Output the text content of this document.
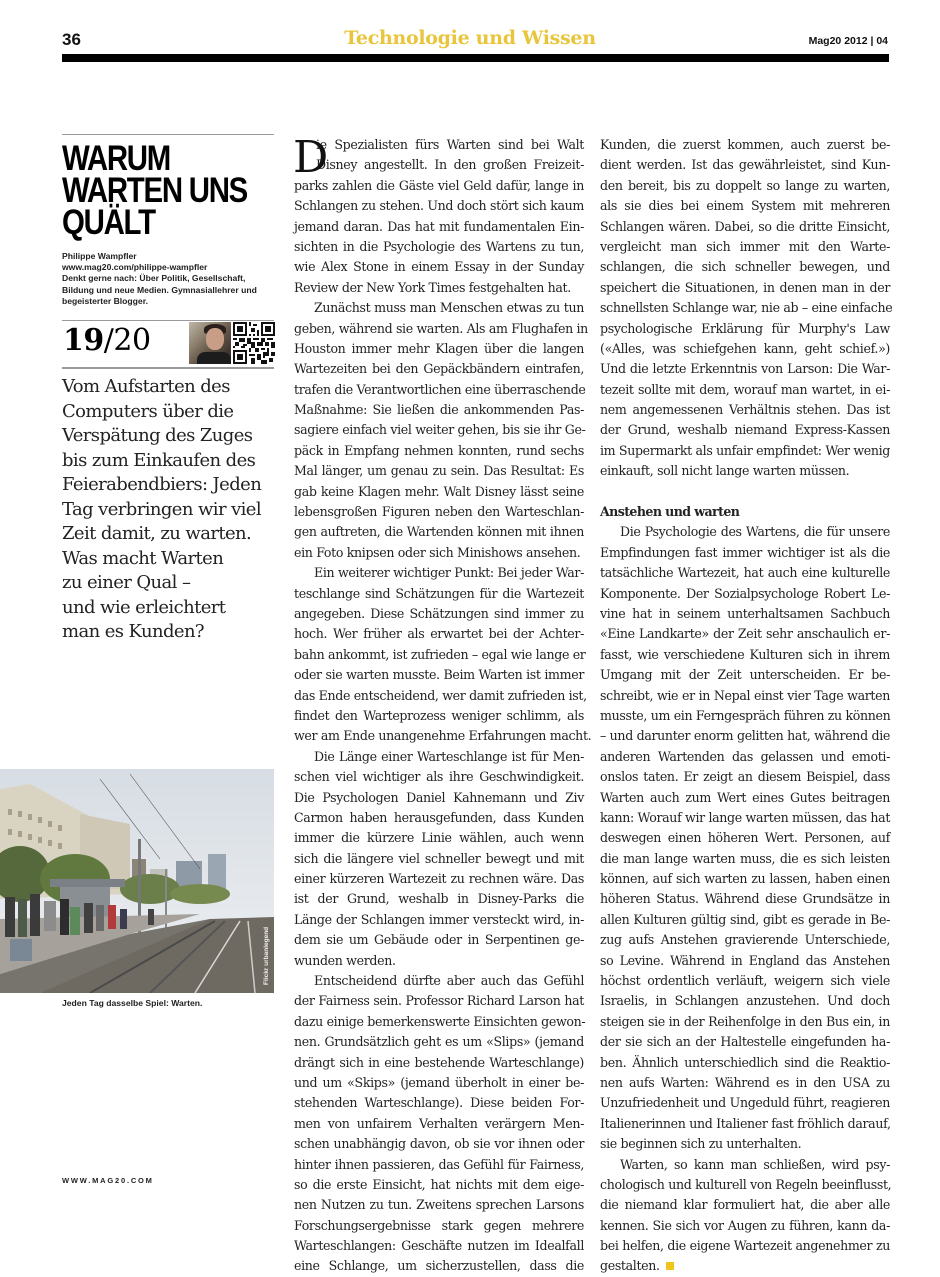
36	Technologie und Wissen	Mag20 2012 | 04
WARUM
WARTEN UNS
QUÄLT
Philippe Wampfler
www.mag20.com/philippe-wampfler
Denkt gerne nach: Über Politik, Gesellschaft,
Bildung und neue Medien. Gymnasiallehrer und
begeisterter Blogger.
19/20
Vom Aufstarten des
Computers über die
Verspätung des Zuges
bis zum Einkaufen des
Feierabendbiers: Jeden
Tag verbringen wir viel
Zeit damit, zu warten.
Was macht Warten
zu einer Qual –
und wie erleichtert
man es Kunden?
Flickr urbanlegend
Jeden Tag dasselbe Spiel: Warten.
WWW.MAG20.COM
D
ie Spezialisten fürs Warten sind bei Walt
Disney angestellt. In den großen Freizeit-
parks zahlen die Gäste viel Geld dafür, lange in
Schlangen zu stehen. Und doch stört sich kaum
jemand daran. Das hat mit fundamentalen Ein-
sichten in die Psychologie des Wartens zu tun,
wie Alex Stone in einem Essay in der Sunday
Review der New York Times festgehalten hat.
Zunächst muss man Menschen etwas zu tun
geben, während sie warten. Als am Flughafen in
Houston immer mehr Klagen über die langen
Wartezeiten bei den Gepäckbändern eintrafen,
trafen die Verantwortlichen eine überraschende
Maßnahme: Sie ließen die ankommenden Pas-
sagiere einfach viel weiter gehen, bis sie ihr Ge-
päck in Empfang nehmen konnten, rund sechs
Mal länger, um genau zu sein. Das Resultat: Es
gab keine Klagen mehr. Walt Disney lässt seine
lebensgroßen Figuren neben den Warteschlan-
gen auftreten, die Wartenden können mit ihnen
ein Foto knipsen oder sich Minishows ansehen.
Ein weiterer wichtiger Punkt: Bei jeder War-
teschlange sind Schätzungen für die Wartezeit
angegeben. Diese Schätzungen sind immer zu
hoch. Wer früher als erwartet bei der Achter-
bahn ankommt, ist zufrieden – egal wie lange er
oder sie warten musste. Beim Warten ist immer
das Ende entscheidend, wer damit zufrieden ist,
findet den Warteprozess weniger schlimm, als
wer am Ende unangenehme Erfahrungen macht.
Die Länge einer Warteschlange ist für Men-
schen viel wichtiger als ihre Geschwindigkeit.
Die Psychologen Daniel Kahnemann und Ziv
Carmon haben herausgefunden, dass Kunden
immer die kürzere Linie wählen, auch wenn
sich die längere viel schneller bewegt und mit
einer kürzeren Wartezeit zu rechnen wäre. Das
ist der Grund, weshalb in Disney-Parks die
Länge der Schlangen immer versteckt wird, in-
dem sie um Gebäude oder in Serpentinen ge-
wunden werden.
Entscheidend dürfte aber auch das Gefühl
der Fairness sein. Professor Richard Larson hat
dazu einige bemerkenswerte Einsichten gewon-
nen. Grundsätzlich geht es um «Slips» (jemand
drängt sich in eine bestehende Warteschlange)
und um «Skips» (jemand überholt in einer be-
stehenden Warteschlange). Diese beiden For-
men von unfairem Verhalten verärgern Men-
schen unabhängig davon, ob sie vor ihnen oder
hinter ihnen passieren, das Gefühl für Fairness,
so die erste Einsicht, hat nichts mit dem eige-
nen Nutzen zu tun. Zweitens sprechen Larsons
Forschungsergebnisse stark gegen mehrere
Warteschlangen: Geschäfte nutzen im Idealfall
eine Schlange, um sicherzustellen, dass die
Kunden, die zuerst kommen, auch zuerst be-
dient werden. Ist das gewährleistet, sind Kun-
den bereit, bis zu doppelt so lange zu warten,
als sie dies bei einem System mit mehreren
Schlangen wären. Dabei, so die dritte Einsicht,
vergleicht man sich immer mit den Warte-
schlangen, die sich schneller bewegen, und
speichert die Situationen, in denen man in der
schnellsten Schlange war, nie ab – eine einfache
psychologische Erklärung für Murphy's Law
(«Alles, was schiefgehen kann, geht schief.»)
Und die letzte Erkenntnis von Larson: Die War-
tezeit sollte mit dem, worauf man wartet, in ei-
nem angemessenen Verhältnis stehen. Das ist
der Grund, weshalb niemand Express-Kassen
im Supermarkt als unfair empfindet: Wer wenig
einkauft, soll nicht lange warten müssen.
Anstehen und warten
Die Psychologie des Wartens, die für unsere
Empfindungen fast immer wichtiger ist als die
tatsächliche Wartezeit, hat auch eine kulturelle
Komponente. Der Sozialpsychologe Robert Le-
vine hat in seinem unterhaltsamen Sachbuch
«Eine Landkarte» der Zeit sehr anschaulich er-
fasst, wie verschiedene Kulturen sich in ihrem
Umgang mit der Zeit unterscheiden. Er be-
schreibt, wie er in Nepal einst vier Tage warten
musste, um ein Ferngespräch führen zu können
– und darunter enorm gelitten hat, während die
anderen Wartenden das gelassen und emoti-
onslos taten. Er zeigt an diesem Beispiel, dass
Warten auch zum Wert eines Gutes beitragen
kann: Worauf wir lange warten müssen, das hat
deswegen einen höheren Wert. Personen, auf
die man lange warten muss, die es sich leisten
können, auf sich warten zu lassen, haben einen
höheren Status. Während diese Grundsätze in
allen Kulturen gültig sind, gibt es gerade in Be-
zug aufs Anstehen gravierende Unterschiede,
so Levine. Während in England das Anstehen
höchst ordentlich verläuft, weigern sich viele
Israelis, in Schlangen anzustehen. Und doch
steigen sie in der Reihenfolge in den Bus ein, in
der sie sich an der Haltestelle eingefunden ha-
ben. Ähnlich unterschiedlich sind die Reaktio-
nen aufs Warten: Während es in den USA zu
Unzufriedenheit und Ungeduld führt, reagieren
Italienerinnen und Italiener fast fröhlich darauf,
sie beginnen sich zu unterhalten.
Warten, so kann man schließen, wird psy-
chologisch und kulturell von Regeln beeinflusst,
die niemand klar formuliert hat, die aber alle
kennen. Sie sich vor Augen zu führen, kann da-
bei helfen, die eigene Wartezeit angenehmer zu
gestalten.
